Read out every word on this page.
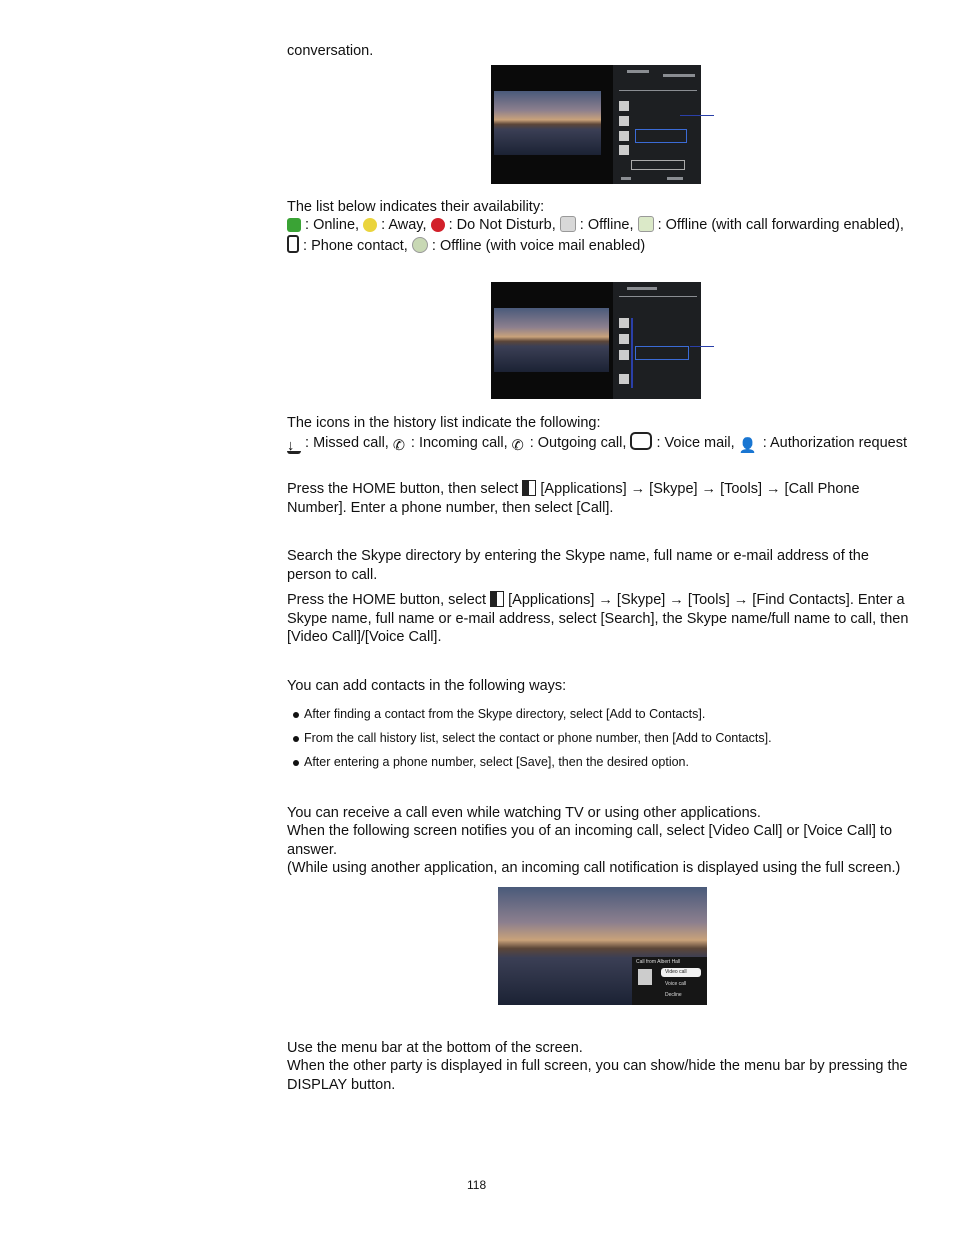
conversation.
The list below indicates their availability:
: Online, : Away, : Do Not Disturb, : Offline, : Offline (with call forwarding enabled),
: Phone contact, : Offline (with voice mail enabled)
The icons in the history list indicate the following:
↓ : Missed call, ✆ : Incoming call, ✆ : Outgoing call, : Voice mail, 👤 : Authorization request
Press the HOME button, then select [Applications] → [Skype] → [Tools] → [Call Phone
Number]. Enter a phone number, then select [Call].
Search the Skype directory by entering the Skype name, full name or e-mail address of the
person to call.
Press the HOME button, select [Applications] → [Skype] → [Tools] → [Find Contacts]. Enter a
Skype name, full name or e-mail address, select [Search], the Skype name/full name to call, then
[Video Call]/[Voice Call].
You can add contacts in the following ways:
After finding a contact from the Skype directory, select [Add to Contacts].
From the call history list, select the contact or phone number, then [Add to Contacts].
After entering a phone number, select [Save], then the desired option.
You can receive a call even while watching TV or using other applications.
When the following screen notifies you of an incoming call, select [Video Call] or [Voice Call] to
answer.
(While using another application, an incoming call notification is displayed using the full screen.)
Call from Albert Hall
Video call
Voice call
Decline
Use the menu bar at the bottom of the screen.
When the other party is displayed in full screen, you can show/hide the menu bar by pressing the
DISPLAY button.
118
